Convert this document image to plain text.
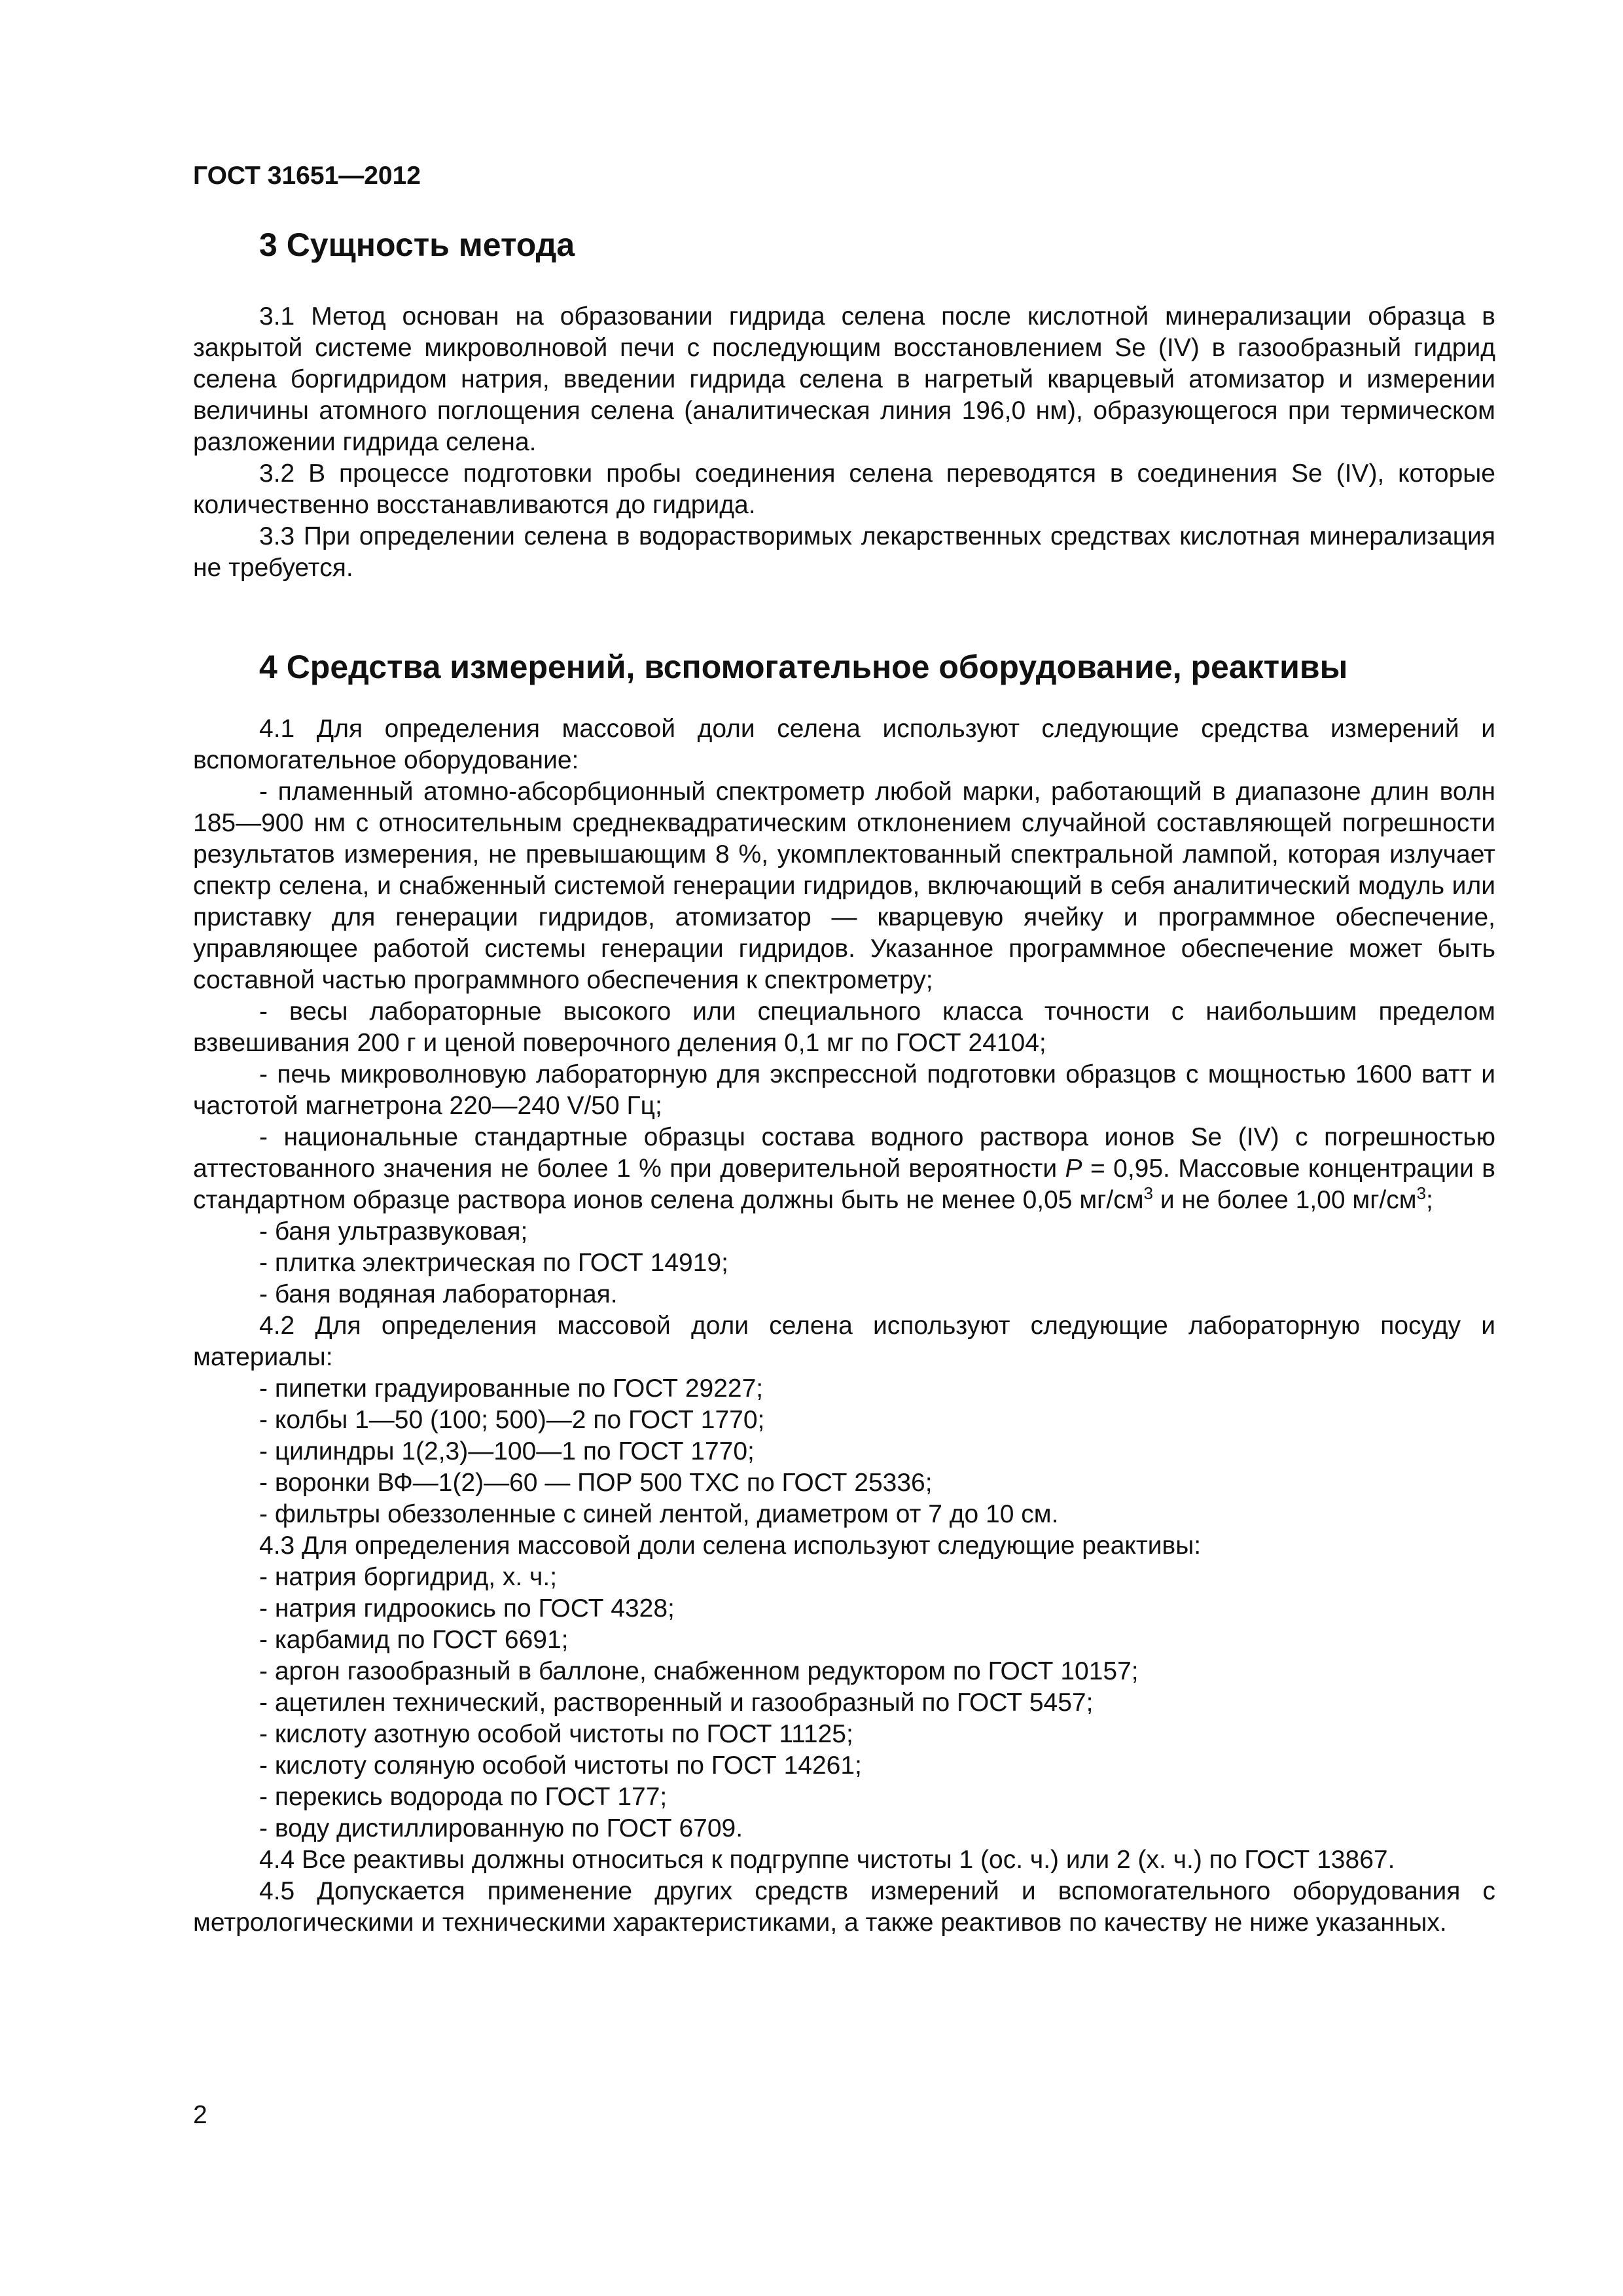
ГОСТ 31651—2012
3 Сущность метода

3.1 Метод основан на образовании гидрида селена после кислотной минерализации образца в закрытой системе микроволновой печи с последующим восстановлением Se (IV) в газообразный гидрид селена боргидридом натрия, введении гидрида селена в нагретый кварцевый атомизатор и измерении величины атомного поглощения селена (аналитическая линия 196,0 нм), образующегося при термическом разложении гидрида селена.

3.2 В процессе подготовки пробы соединения селена переводятся в соединения Se (IV), которые количественно восстанавливаются до гидрида.

3.3 При определении селена в водорастворимых лекарственных средствах кислотная минерализация не требуется.

4 Средства измерений, вспомогательное оборудование, реактивы

4.1 Для определения массовой доли селена используют следующие средства измерений и вспомогательное оборудование:

- пламенный атомно-абсорбционный спектрометр любой марки, работающий в диапазоне длин волн 185—900 нм с относительным среднеквадратическим отклонением случайной составляющей погрешности результатов измерения, не превышающим 8 %, укомплектованный спектральной лампой, которая излучает спектр селена, и снабженный системой генерации гидридов, включающий в себя аналитический модуль или приставку для генерации гидридов, атомизатор — кварцевую ячейку и программное обеспечение, управляющее работой системы генерации гидридов. Указанное программное обеспечение может быть составной частью программного обеспечения к спектрометру;

- весы лабораторные высокого или специального класса точности с наибольшим пределом взвешивания 200 г и ценой поверочного деления 0,1 мг по ГОСТ 24104;

- печь микроволновую лабораторную для экспрессной подготовки образцов с мощностью 1600 ватт и частотой магнетрона 220—240 V/50 Гц;

- национальные стандартные образцы состава водного раствора ионов Se (IV) с погрешностью аттестованного значения не более 1 % при доверительной вероятности P = 0,95. Массовые концентрации в стандартном образце раствора ионов селена должны быть не менее 0,05 $мг/см^3$ и не более 1,00 $мг/см^3$;

- баня ультразвуковая;

- плитка электрическая по ГОСТ 14919;

- баня водяная лабораторная.

4.2 Для определения массовой доли селена используют следующие лабораторную посуду и материалы:

- пипетки градуированные по ГОСТ 29227;
- колбы 1—50 (100; 500)—2 по ГОСТ 1770;
- цилиндры 1(2,3)—100—1 по ГОСТ 1770;
- воронки ВФ—1(2)—60 — ПОР 500 ТХС по ГОСТ 25336;
- фильтры обеззоленные с синей лентой, диаметром от 7 до 10 см.

4.3 Для определения массовой доли селена используют следующие реактивы:

- натрия боргидрид, х. ч.;
- натрия гидроокись по ГОСТ 4328;
- карбамид по ГОСТ 6691;
- аргон газообразный в баллоне, снабженном редуктором по ГОСТ 10157;
- ацетилен технический, растворенный и газообразный по ГОСТ 5457;
- кислоту азотную особой чистоты по ГОСТ 11125;
- кислоту соляную особой чистоты по ГОСТ 14261;
- перекись водорода по ГОСТ 177;
- воду дистиллированную по ГОСТ 6709.

4.4 Все реактивы должны относиться к подгруппе чистоты 1 (ос. ч.) или 2 (х. ч.) по ГОСТ 13867.

4.5 Допускается применение других средств измерений и вспомогательного оборудования с метрологическими и техническими характеристиками, а также реактивов по качеству не ниже указанных.

2
